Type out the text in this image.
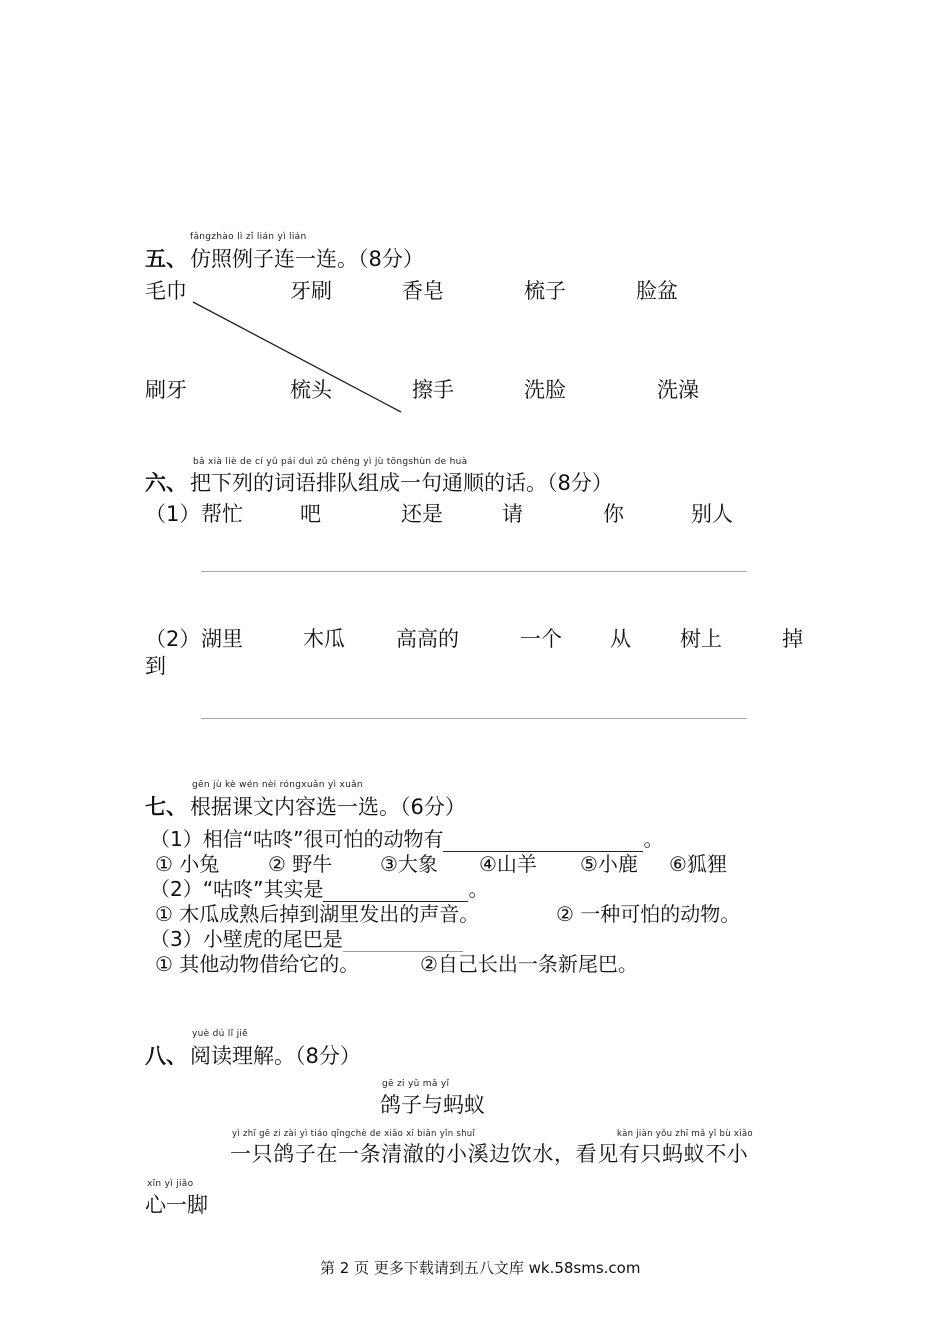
fǎngzhào lì zǐ lián yì lián
五、 仿照例子连一连。（8分）
毛巾	牙刷	香皂	梳子	脸盆
刷牙	梳头	擦手	洗脸	洗澡
bǎ xià liè de cí yǔ pái duì zǔ chéng yì jù tōngshùn de huà
六、 把下列的词语排队组成一句通顺的话。（8分）
（1） 帮忙	吧	还是	请	你	别人
（2） 湖里	木瓜 高高的	一个 从 树上	掉
到
gēn jù kè wén nèi róngxuǎn yì xuǎn
七、 根据课文内容选一选。（6分）
（1）相信“咕咚”很可怕的动物有	。
① 小兔 ② 野牛 ③大象 ④山羊 ⑤小鹿 ⑥狐狸
（2）“咕咚”其实是	。
① 木瓜成熟后掉到湖里发出的声音。	② 一种可怕的动物。
（3）小壁虎的尾巴是
① 其他动物借给它的。	②自己长出一条新尾巴。
yuè dú lǐ jiě
八、 阅读理解。（8分）
gē zi yǔ mǎ yǐ
鸽子与蚂蚁
yì zhī gē zi zài yì tiáo qīngchè de xiǎo xī biān yǐn shuǐ	kàn jiàn yǒu zhī mǎ yǐ bù xiǎo
一只鸽子在一条清澈的小溪边饮水，看见有只蚂蚁不小
xīn yì jiǎo
心一脚
第 2 页 更多下载请到五八文库 wk.58sms.com
